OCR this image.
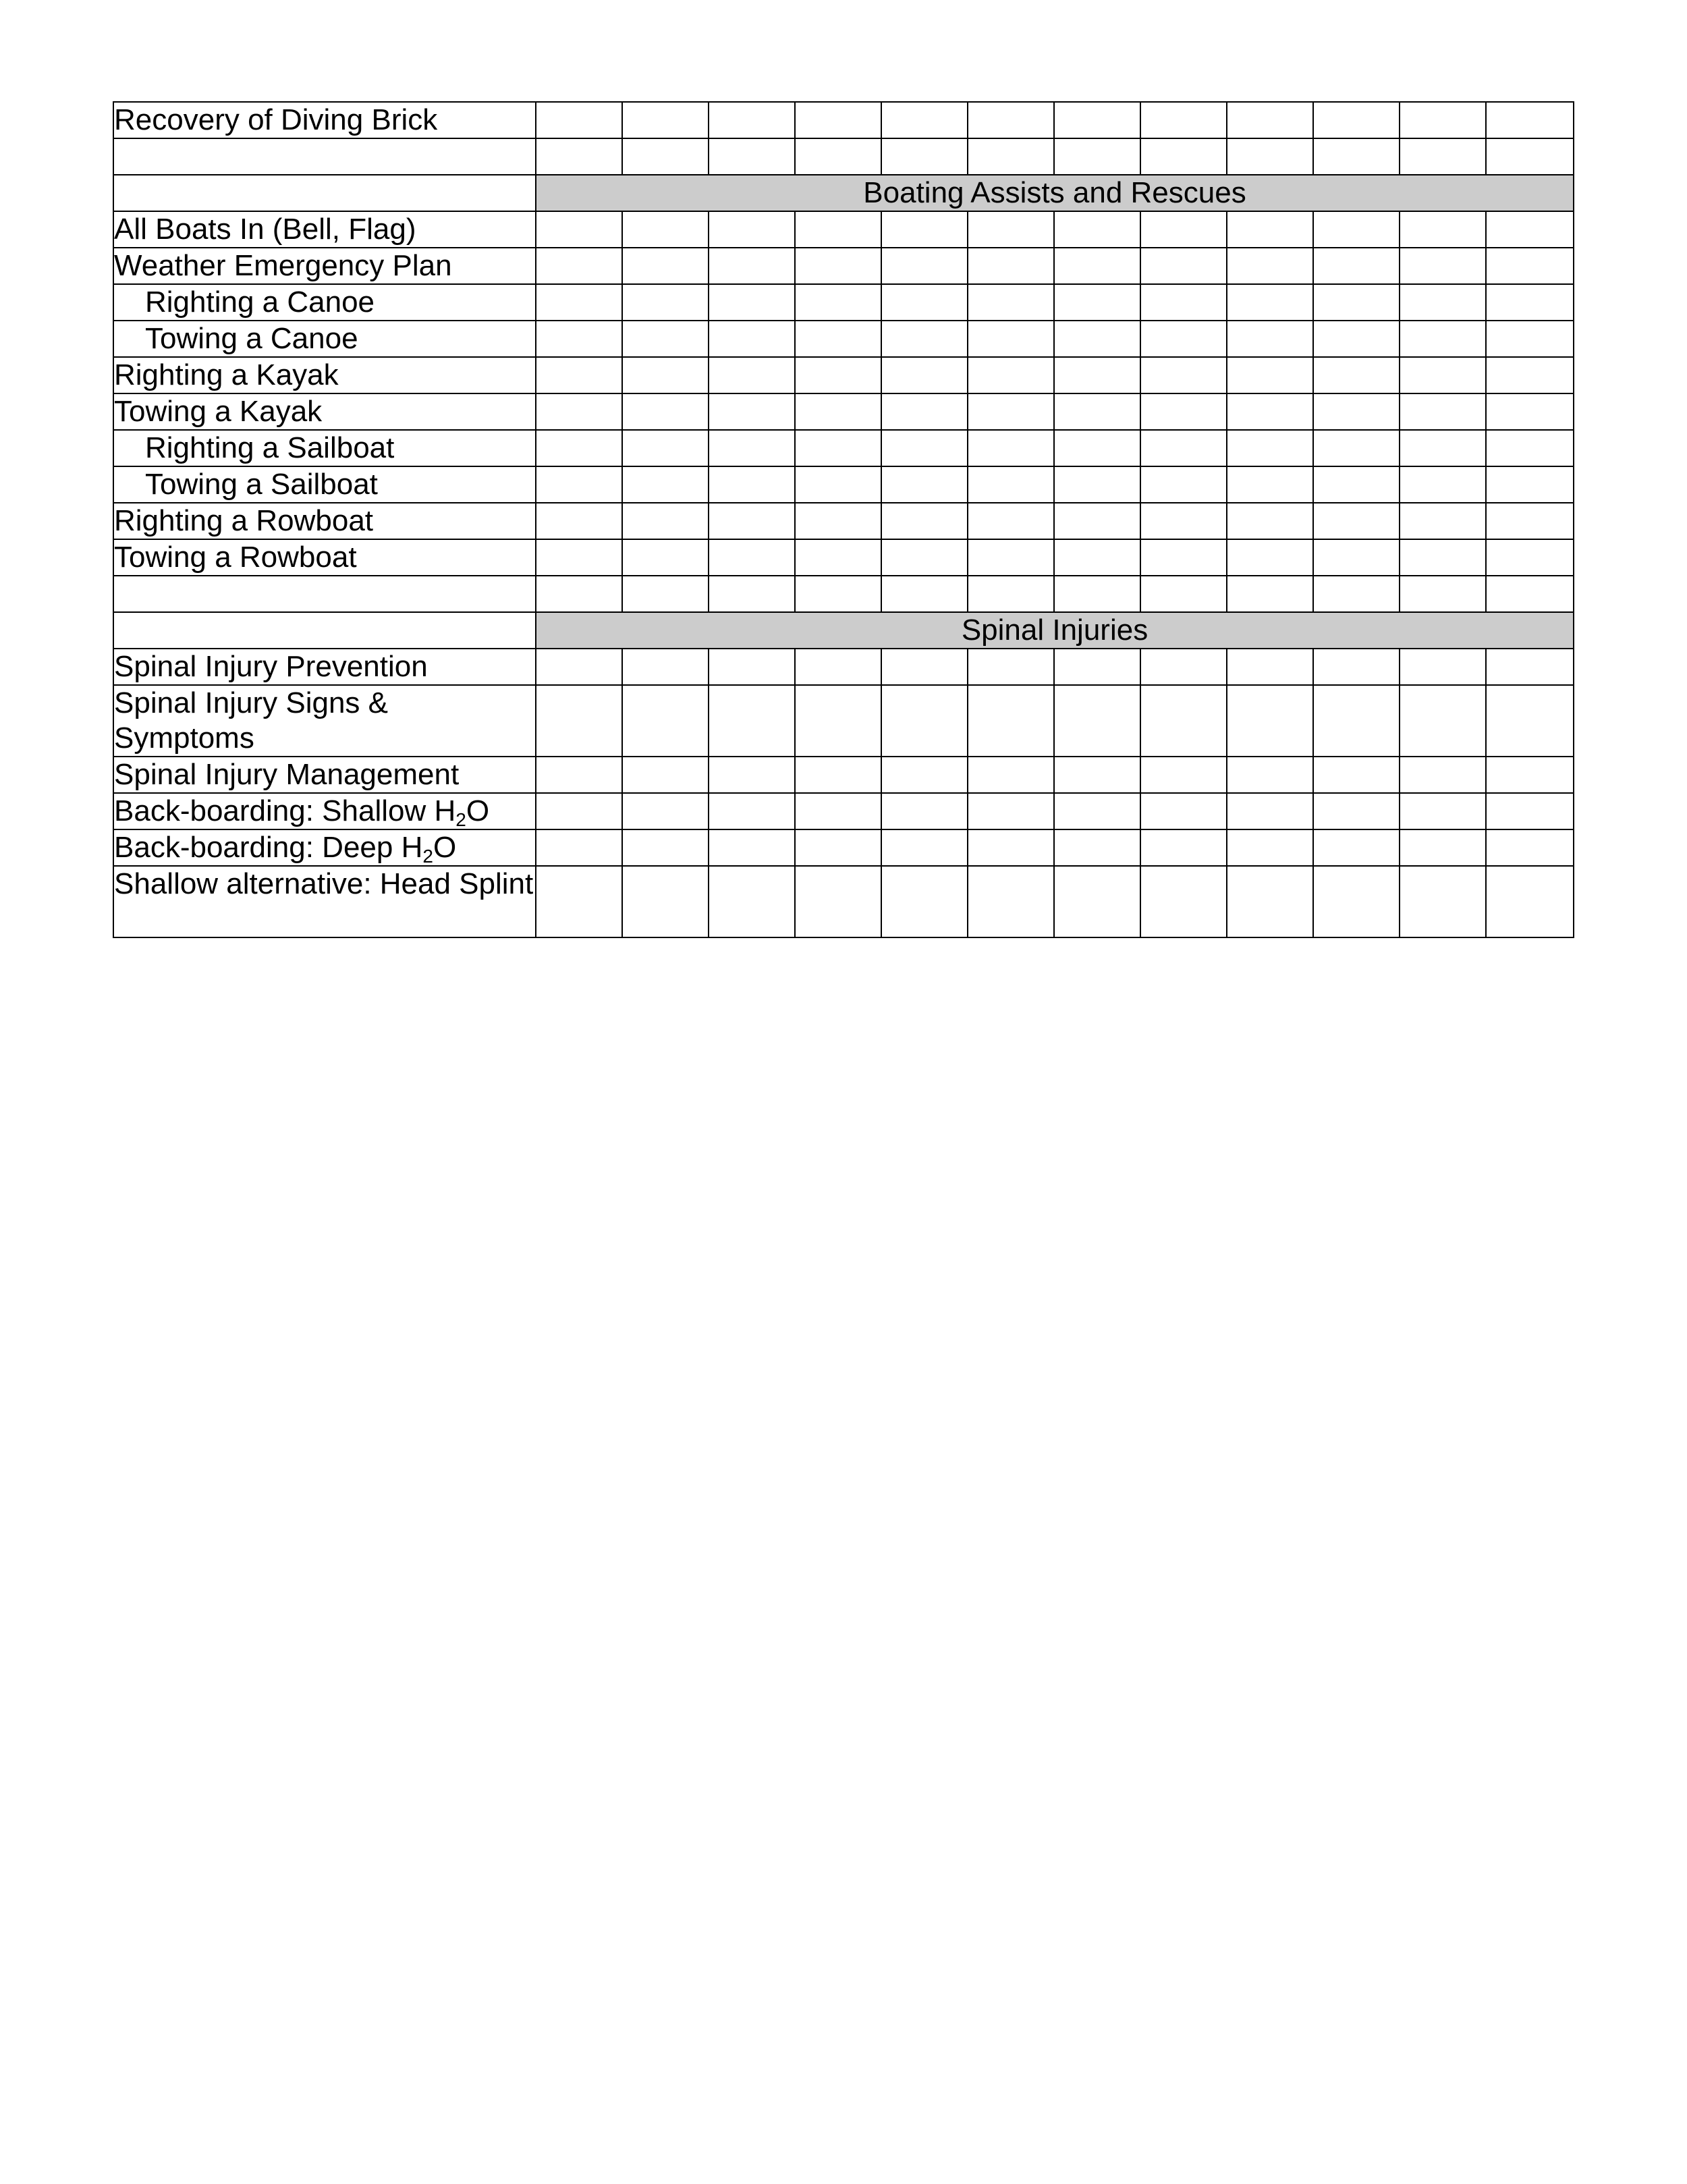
Recovery of Diving Brick												

	Boating Assists and Rescues											
All Boats In (Bell, Flag)												
Weather Emergency Plan												
Righting a Canoe												
Towing a Canoe												
Righting a Kayak												
Towing a Kayak												
Righting a Sailboat												
Towing a Sailboat												
Righting a Rowboat												
Towing a Rowboat												

	Spinal Injuries											
Spinal Injury Prevention												
Spinal Injury Signs & Symptoms												
Spinal Injury Management												
Back-boarding: Shallow $H_2O$												
Back-boarding: Deep $H_2O$												
Shallow alternative: Head Splint												
